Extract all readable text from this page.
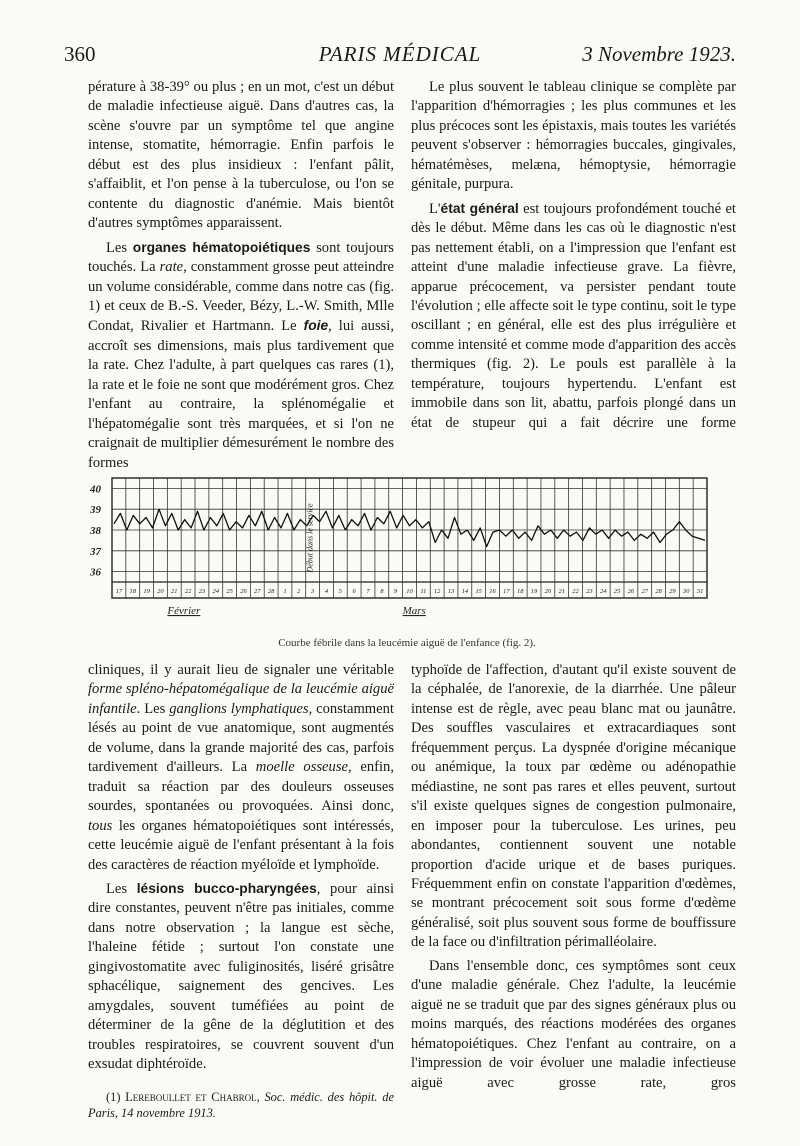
360	PARIS MÉDICAL	3 Novembre 1923.

pérature à 38-39° ou plus ; en un mot, c'est un début de maladie infectieuse aiguë. Dans d'autres cas, la scène s'ouvre par un symptôme tel que angine intense, stomatite, hémorragie. Enfin parfois le début est des plus insidieux : l'enfant pâlit, s'affaiblit, et l'on pense à la tuberculose, ou l'on se contente du diagnostic d'anémie. Mais bientôt d'autres symptômes apparaissent.

Les organes hématopoiétiques sont toujours touchés. La rate, constamment grosse peut atteindre un volume considérable, comme dans notre cas (fig. 1) et ceux de B.-S. Veeder, Bézy, L.-W. Smith, Mlle Condat, Rivalier et Hartmann. Le foie, lui aussi, accroît ses dimensions, mais plus tardivement que la rate. Chez l'adulte, à part quelques cas rares (1), la rate et le foie ne sont que modérément gros. Chez l'enfant au contraire, la splénomégalie et l'hépatomégalie sont très marquées, et si l'on ne craignait de multiplier démesurément le nombre des formes

Le plus souvent le tableau clinique se complète par l'apparition d'hémorragies ; les plus communes et les plus précoces sont les épistaxis, mais toutes les variétés peuvent s'observer : hémorragies buccales, gingivales, hématémèses, melæna, hémoptysie, hémorragie génitale, purpura.

L'état général est toujours profondément touché et dès le début. Même dans les cas où le diagnostic n'est pas nettement établi, on a l'impression que l'enfant est atteint d'une maladie infectieuse grave. La fièvre, apparue précocement, va persister pendant toute l'évolution ; elle affecte soit le type continu, soit le type oscillant ; en général, elle est des plus irrégulière et comme intensité et comme mode d'apparition des accès thermiques (fig. 2). Le pouls est parallèle à la température, toujours hypertendu. L'enfant est immobile dans son lit, abattu, parfois plongé dans un état de stupeur qui a fait décrire une forme

40
39
38
37
36
17 18 19 20 21 22 23 24 25 26 27 28 1 2 3 4 5 6 7 8 9 10 11 12 13 14 15 16 17 18 19 20 21 22 23 24 25 26 27 28 29 30 31
Février	Mars
Début dans le service
Courbe fébrile dans la leucémie aiguë de l'enfance (fig. 2).

cliniques, il y aurait lieu de signaler une véritable forme spléno-hépatomégalique de la leucémie aiguë infantile. Les ganglions lymphatiques, constamment lésés au point de vue anatomique, sont augmentés de volume, dans la grande majorité des cas, parfois tardivement d'ailleurs. La moelle osseuse, enfin, traduit sa réaction par des douleurs osseuses sourdes, spontanées ou provoquées. Ainsi donc, tous les organes hématopoiétiques sont intéressés, cette leucémie aiguë de l'enfant présentant à la fois des caractères de réaction myéloïde et lymphoïde.

Les lésions bucco-pharyngées, pour ainsi dire constantes, peuvent n'être pas initiales, comme dans notre observation ; la langue est sèche, l'haleine fétide ; surtout l'on constate une gingivostomatite avec fuliginosités, liséré grisâtre sphacélique, saignement des gencives. Les amygdales, souvent tuméfiées au point de déterminer de la gêne de la déglutition et des troubles respiratoires, se couvrent souvent d'un exsudat diphtéroïde.

(1) Lereboullet et Chabrol, Soc. médic. des hôpit. de Paris, 14 novembre 1913.

typhoïde de l'affection, d'autant qu'il existe souvent de la céphalée, de l'anorexie, de la diarrhée. Une pâleur intense est de règle, avec peau blanc mat ou jaunâtre. Des souffles vasculaires et extracardiaques sont fréquemment perçus. La dyspnée d'origine mécanique ou anémique, la toux par œdème ou adénopathie médiastine, ne sont pas rares et elles peuvent, surtout s'il existe quelques signes de congestion pulmonaire, en imposer pour la tuberculose. Les urines, peu abondantes, contiennent souvent une notable proportion d'acide urique et de bases puriques. Fréquemment enfin on constate l'apparition d'œdèmes, se montrant précocement soit sous forme d'œdème généralisé, soit plus souvent sous forme de bouffissure de la face ou d'infiltration périmalléolaire.

Dans l'ensemble donc, ces symptômes sont ceux d'une maladie générale. Chez l'adulte, la leucémie aiguë ne se traduit que par des signes généraux plus ou moins marqués, des réactions modérées des organes hématopoiétiques. Chez l'enfant au contraire, on a l'impression de voir évoluer une maladie infectieuse aiguë avec grosse rate, gros
